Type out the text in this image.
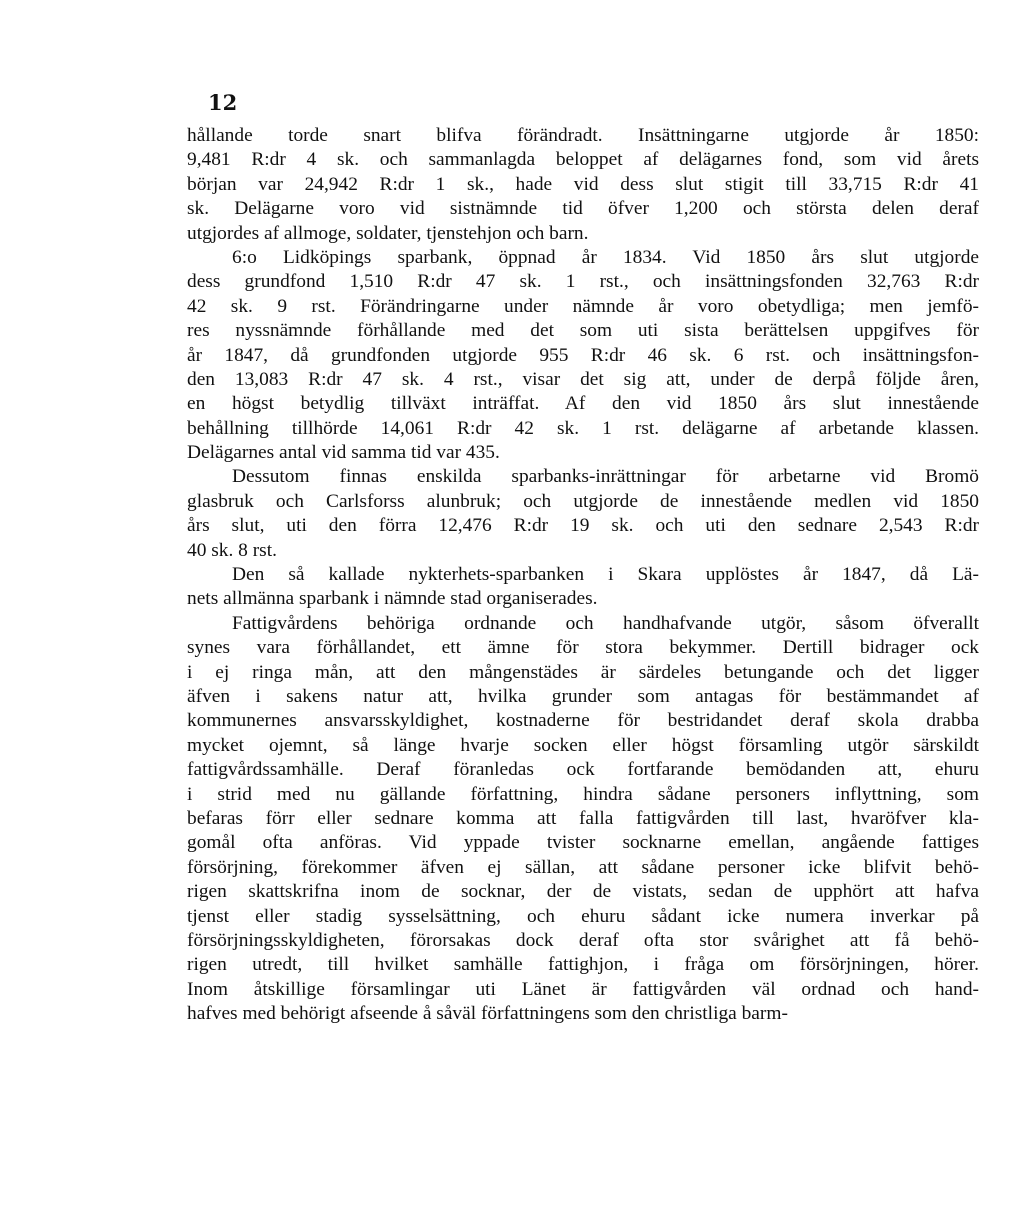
12
hållande torde snart blifva förändradt. Insättningarne utgjorde år 1850:
9,481 R:dr 4 sk. och sammanlagda beloppet af delägarnes fond, som vid årets
början var 24,942 R:dr 1 sk., hade vid dess slut stigit till 33,715 R:dr 41
sk. Delägarne voro vid sistnämnde tid öfver 1,200 och största delen deraf
utgjordes af allmoge, soldater, tjenstehjon och barn.
6:o Lidköpings sparbank, öppnad år 1834. Vid 1850 års slut utgjorde
dess grundfond 1,510 R:dr 47 sk. 1 rst., och insättningsfonden 32,763 R:dr
42 sk. 9 rst. Förändringarne under nämnde år voro obetydliga; men jemfö-
res nyssnämnde förhållande med det som uti sista berättelsen uppgifves för
år 1847, då grundfonden utgjorde 955 R:dr 46 sk. 6 rst. och insättningsfon-
den 13,083 R:dr 47 sk. 4 rst., visar det sig att, under de derpå följde åren,
en högst betydlig tillväxt inträffat. Af den vid 1850 års slut innestående
behållning tillhörde 14,061 R:dr 42 sk. 1 rst. delägarne af arbetande klassen.
Delägarnes antal vid samma tid var 435.
Dessutom finnas enskilda sparbanks-inrättningar för arbetarne vid Bromö
glasbruk och Carlsforss alunbruk; och utgjorde de innestående medlen vid 1850
års slut, uti den förra 12,476 R:dr 19 sk. och uti den sednare 2,543 R:dr
40 sk. 8 rst.
Den så kallade nykterhets-sparbanken i Skara upplöstes år 1847, då Lä-
nets allmänna sparbank i nämnde stad organiserades.
Fattigvårdens behöriga ordnande och handhafvande utgör, såsom öfverallt
synes vara förhållandet, ett ämne för stora bekymmer. Dertill bidrager ock
i ej ringa mån, att den mångenstädes är särdeles betungande och det ligger
äfven i sakens natur att, hvilka grunder som antagas för bestämmandet af
kommunernes ansvarsskyldighet, kostnaderne för bestridandet deraf skola drabba
mycket ojemnt, så länge hvarje socken eller högst församling utgör särskildt
fattigvårdssamhälle. Deraf föranledas ock fortfarande bemödanden att, ehuru
i strid med nu gällande författning, hindra sådane personers inflyttning, som
befaras förr eller sednare komma att falla fattigvården till last, hvaröfver kla-
gomål ofta anföras. Vid yppade tvister socknarne emellan, angående fattiges
försörjning, förekommer äfven ej sällan, att sådane personer icke blifvit behö-
rigen skattskrifna inom de socknar, der de vistats, sedan de upphört att hafva
tjenst eller stadig sysselsättning, och ehuru sådant icke numera inverkar på
försörjningsskyldigheten, förorsakas dock deraf ofta stor svårighet att få behö-
rigen utredt, till hvilket samhälle fattighjon, i fråga om försörjningen, hörer.
Inom åtskillige församlingar uti Länet är fattigvården väl ordnad och hand-
hafves med behörigt afseende å såväl författningens som den christliga barm-
